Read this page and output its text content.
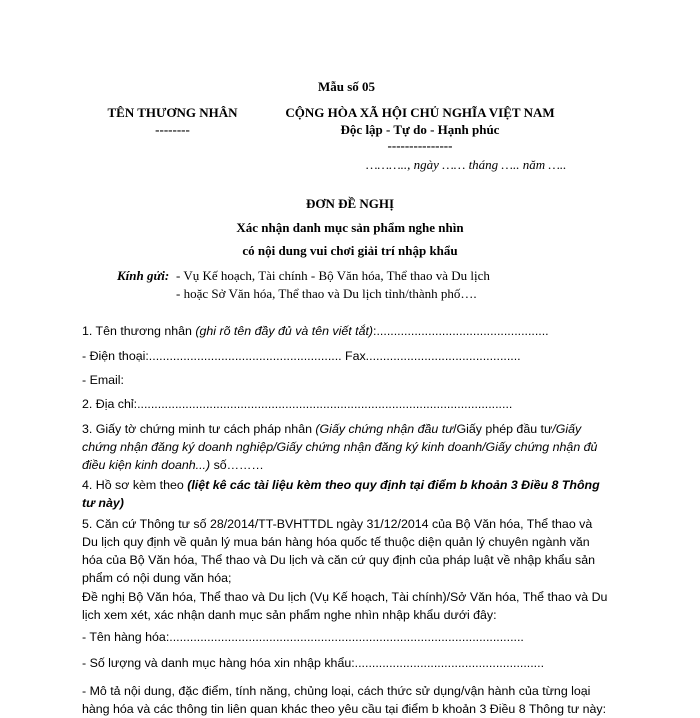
Mẫu số 05
TÊN THƯƠNG NHÂN
--------
CỘNG HÒA XÃ HỘI CHỦ NGHĨA VIỆT NAM
Độc lập - Tự do - Hạnh phúc
---------------
……….., ngày …… tháng ….. năm …..
ĐƠN ĐỀ NGHỊ
Xác nhận danh mục sản phẩm nghe nhìn
có nội dung vui chơi giải trí nhập khẩu
Kính gửi: - Vụ Kế hoạch, Tài chính - Bộ Văn hóa, Thể thao và Du lịch
- hoặc Sở Văn hóa, Thể thao và Du lịch tỉnh/thành phố….
1. Tên thương nhân (ghi rõ tên đầy đủ và tên viết tắt):..................................................
- Điện thoại:........................................................ Fax.............................................
- Email:
2. Địa chỉ:.............................................................................................................
3. Giấy tờ chứng minh tư cách pháp nhân (Giấy chứng nhận đầu tư/Giấy phép đầu tư/Giấy chứng nhận đăng ký doanh nghiệp/Giấy chứng nhận đăng ký kinh doanh/Giấy chứng nhận đủ điều kiện kinh doanh...) số………
4. Hồ sơ kèm theo (liệt kê các tài liệu kèm theo quy định tại điểm b khoản 3 Điều 8 Thông tư này)
5. Căn cứ Thông tư số 28/2014/TT-BVHTTDL ngày 31/12/2014 của Bộ Văn hóa, Thể thao và Du lịch quy định về quản lý mua bán hàng hóa quốc tế thuộc diện quản lý chuyên ngành văn hóa của Bộ Văn hóa, Thể thao và Du lịch và căn cứ quy định của pháp luật về nhập khẩu sản phẩm có nội dung văn hóa;
Đề nghị Bộ Văn hóa, Thể thao và Du lịch (Vụ Kế hoạch, Tài chính)/Sở Văn hóa, Thể thao và Du lịch xem xét, xác nhận danh mục sản phẩm nghe nhìn nhập khẩu dưới đây:
- Tên hàng hóa:.......................................................................................................
- Số lượng và danh mục hàng hóa xin nhập khẩu:.......................................................
- Mô tả nội dung, đặc điểm, tính năng, chủng loại, cách thức sử dụng/vận hành của từng loại hàng hóa và các thông tin liên quan khác theo yêu cầu tại điểm b khoản 3 Điều 8 Thông tư này:
